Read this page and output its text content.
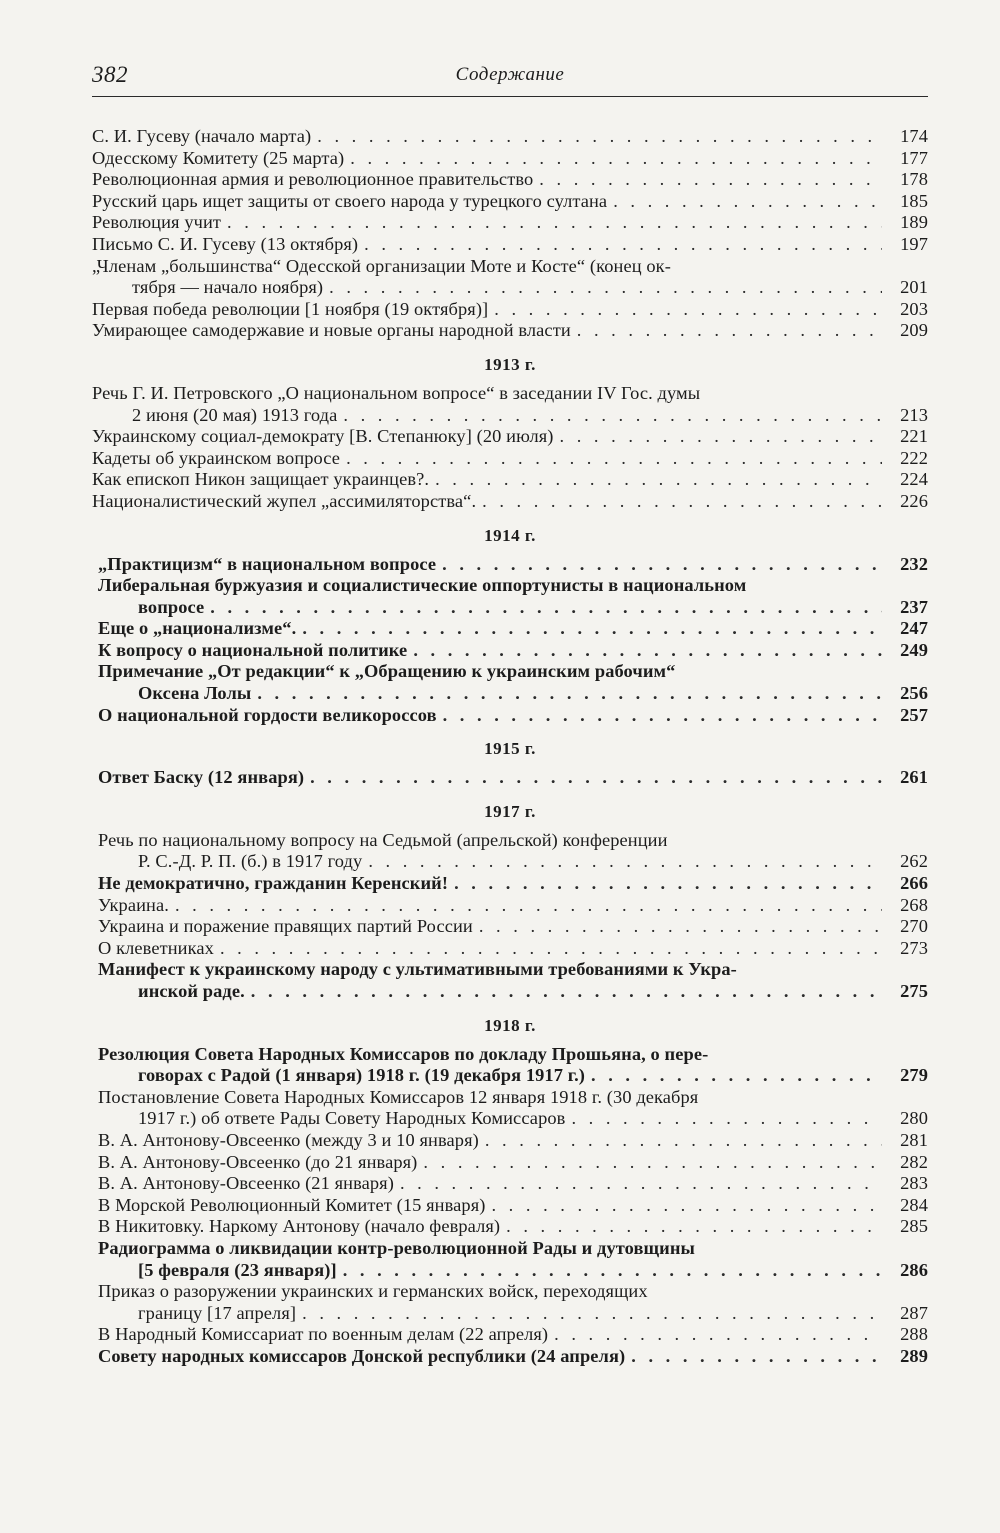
382	Содержание
С. И. Гусеву (начало марта) . . .	174
Одесскому Комитету (25 марта) . . .	177
Революционная армия и революционное правительство . . .	178
Русский царь ищет защиты от своего народа у турецкого султана . . .	185
Революция учит . . .	189
Письмо С. И. Гусеву (13 октября) . . .	197
„Членам „большинства“ Одесской организации Моте и Косте“ (конец ок-
тября — начало ноября) . . .	201
Первая победа революции [1 ноября (19 октября)] . . .	203
Умирающее самодержавие и новые органы народной власти . . .	209
1913 г.
Речь Г. И. Петровского „О национальном вопросе“ в заседании IV Гос. думы
2 июня (20 мая) 1913 года . . .	213
Украинскому социал-демократу [В. Степанюку] (20 июля) . . .	221
Кадеты об украинском вопросе . . .	222
Как епископ Никон защищает украинцев?. . . .	224
Националистический жупел „ассимиляторства“. . . .	226
1914 г.
„Практицизм“ в национальном вопросе . . .	232
Либеральная буржуазия и социалистические оппортунисты в национальном
вопросе . . .	237
Еще о „национализме“. . . .	247
К вопросу о национальной политике . . .	249
Примечание „От редакции“ к „Обращению к украинским рабочим“
Оксена Лолы . . .	256
О национальной гордости великороссов . . .	257
1915 г.
Ответ Баску (12 января) . . .	261
1917 г.
Речь по национальному вопросу на Седьмой (апрельской) конференции
Р. С.-Д. Р. П. (б.) в 1917 году . . .	262
Не демократично, гражданин Керенский! . . .	266
Украина. . . .	268
Украина и поражение правящих партий России . . .	270
О клеветниках . . .	273
Манифест к украинскому народу с ультимативными требованиями к Укра-
инской раде. . . .	275
1918 г.
Резолюция Совета Народных Комиссаров по докладу Прошьяна, о пере-
говорах с Радой (1 января) 1918 г. (19 декабря 1917 г.) . . .	279
Постановление Совета Народных Комиссаров 12 января 1918 г. (30 декабря
1917 г.) об ответе Рады Совету Народных Комиссаров . . .	280
В. А. Антонову-Овсеенко (между 3 и 10 января) . . .	281
В. А. Антонову-Овсеенко (до 21 января) . . .	282
В. А. Антонову-Овсеенко (21 января) . . .	283
В Морской Революционный Комитет (15 января) . . .	284
В Никитовку. Наркому Антонову (начало февраля) . . .	285
Радиограмма о ликвидации контр-революционной Рады и дутовщины
[5 февраля (23 января)] . . .	286
Приказ о разоружении украинских и германских войск, переходящих
границу [17 апреля] . . .	287
В Народный Комиссариат по военным делам (22 апреля) . . .	288
Совету народных комиссаров Донской республики (24 апреля) . . .	289
